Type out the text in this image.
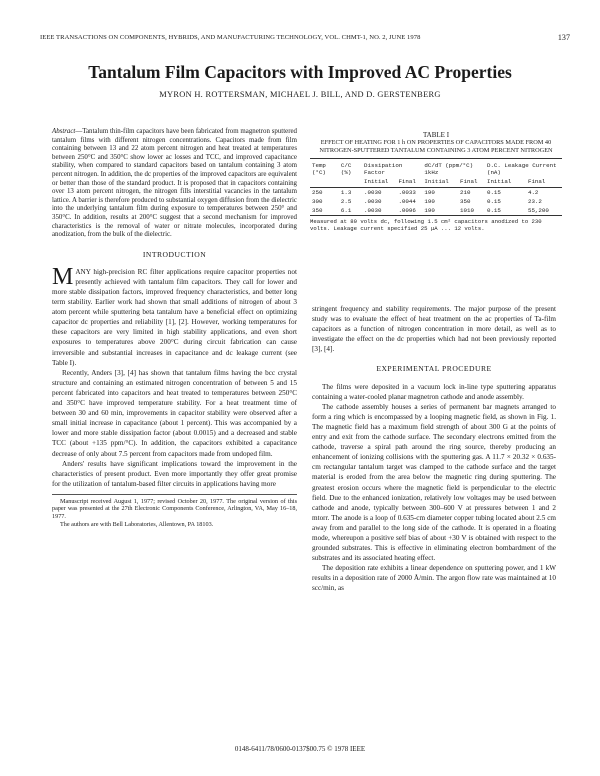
IEEE TRANSACTIONS ON COMPONENTS, HYBRIDS, AND MANUFACTURING TECHNOLOGY, VOL. CHMT-1, NO. 2, JUNE 1978	137
Tantalum Film Capacitors with Improved AC Properties
MYRON H. ROTTERSMAN, MICHAEL J. BILL, AND D. GERSTENBERG

Abstract—Tantalum thin-film capacitors have been fabricated from magnetron sputtered tantalum films with different nitrogen concentrations. Capacitors made from film containing between 13 and 22 atom percent nitrogen and heat treated at temperatures between 250°C and 350°C show lower ac losses and TCC, and improved capacitance stability, when compared to standard capacitors based on tantalum containing 3 atom percent nitrogen. In addition, the dc properties of the improved capacitors are equivalent or better than those of the standard product. It is proposed that in capacitors containing over 13 atom percent nitrogen, the nitrogen fills interstitial vacancies in the tantalum lattice. A barrier is therefore produced to substantial oxygen diffusion from the dielectric into the underlying tantalum film during exposure to temperatures between 250° and 350°C. In addition, results at 200°C suggest that a second mechanism for improved characteristics is the removal of water or nitrate molecules, incorporated during anodization, from the bulk of the dielectric.

INTRODUCTION

MANY high-precision RC filter applications require capacitor properties not presently achieved with tantalum film capacitors. They call for lower and more stable dissipation factors, improved frequency characteristics, and better long term stability. Earlier work had shown that small additions of nitrogen of about 3 atom percent while sputtering beta tantalum have a beneficial effect on optimizing capacitor dc properties and reliability [1], [2]. However, working temperatures for these capacitors are very limited in high stability applications, and even short exposures to temperatures above 200°C during circuit fabrication can cause irreversible and substantial increases in capacitance and dc leakage current (see Table I).

Recently, Anders [3], [4] has shown that tantalum films having the bcc crystal structure and containing an estimated nitrogen concentration of between 5 and 15 percent fabricated into capacitors and heat treated to temperatures between 250°C and 350°C have improved temperature stability. For a heat treatment time of between 30 and 60 min, improvements in capacitor stability were observed after a small initial increase in capacitance (about 1 percent). This was accompanied by a lower and more stable dissipation factor (about 0.0015) and a decreased and stable TCC (about +135 ppm/°C). In addition, the capacitors exhibited a capacitance decrease of only about 7.5 percent from capacitors made from undoped film.

Anders' results have significant implications toward the improvement in the characteristics of present product. Even more importantly they offer great promise for the utilization of tantalum-based filter circuits in applications having more

Manuscript received August 1, 1977; revised October 20, 1977. The original version of this paper was presented at the 27th Electronic Components Conference, Arlington, VA, May 16–18, 1977.
The authors are with Bell Laboratories, Allentown, PA 18103.
TABLE I
EFFECT OF HEATING FOR 1 h ON PROPERTIES OF CAPACITORS MADE FROM 40 NITROGEN-SPUTTERED TANTALUM CONTAINING 3 ATOM PERCENT NITROGEN
Temp (°C)	C/C (%)	Dissipation Factor		dC/dT (ppm/°C) 1kHz		D.C. Leakage Current (nA)	
		Initial	Final	Initial	Final	Initial	Final
250	1.3	.0030	.0033	190	210	0.15	4.2
300	2.5	.0030	.0044	190	350	0.15	23.2
350	6.1	.0030	.0096	190	1010	0.15	55,200
Measured at 80 volts dc, following 1.5 cm² capacitors anodized to 230 volts. Leakage current specified 25 μA ... 12 volts.

stringent frequency and stability requirements. The major purpose of the present study was to evaluate the effect of heat treatment on the ac properties of Ta-film capacitors as a function of nitrogen concentration in more detail, as well as to investigate the effect on the dc properties which had not been previously reported [3], [4].

EXPERIMENTAL PROCEDURE

The films were deposited in a vacuum lock in-line type sputtering apparatus containing a water-cooled planar magnetron cathode and anode assembly.

The cathode assembly houses a series of permanent bar magnets arranged to form a ring which is encompassed by a looping magnetic field, as shown in Fig. 1. The magnetic field has a maximum field strength of about 300 G at the points of entry and exit from the cathode surface. The secondary electrons emitted from the cathode, traverse a spiral path around the ring source, thereby producing an enhancement of ionizing collisions with the sputtering gas. A 11.7 × 20.32 × 0.635-cm rectangular tantalum target was clamped to the cathode surface and the target material is eroded from the area below the magnetic ring during sputtering. The greatest erosion occurs where the magnetic field is perpendicular to the electric field. Due to the enhanced ionization, relatively low voltages may be used between cathode and anode, typically between 300–600 V at pressures between 1 and 2 mtorr. The anode is a loop of 0.635-cm diameter copper tubing located about 2.5 cm away from and parallel to the long side of the cathode. It is operated in a floating mode, whereupon a positive self bias of about +30 V is obtained with respect to the grounded substrates. This is effective in eliminating electron bombardment of the substrates and its associated heating effect.

The deposition rate exhibits a linear dependence on sputtering power, and 1 kW results in a deposition rate of 2000 Å/min. The argon flow rate was maintained at 10 scc/min, as

0148-6411/78/0600-0137$00.75 © 1978 IEEE
